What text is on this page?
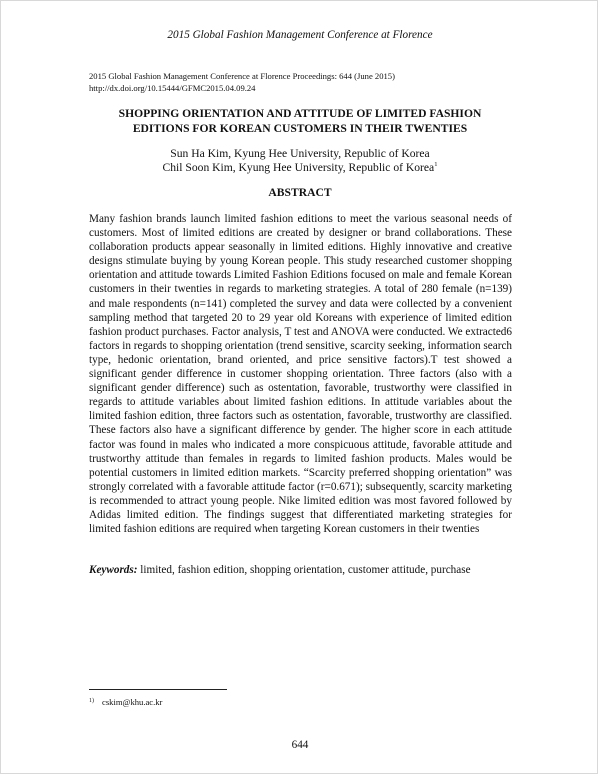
2015 Global Fashion Management Conference at Florence
2015 Global Fashion Management Conference at Florence Proceedings: 644 (June 2015)
http://dx.doi.org/10.15444/GFMC2015.04.09.24
SHOPPING ORIENTATION AND ATTITUDE OF LIMITED FASHION
EDITIONS FOR KOREAN CUSTOMERS IN THEIR TWENTIES
Sun Ha Kim, Kyung Hee University, Republic of Korea
Chil Soon Kim, Kyung Hee University, Republic of Korea$^1$
ABSTRACT
Many fashion brands launch limited fashion editions to meet the various seasonal needs of customers. Most of limited editions are created by designer or brand collaborations. These collaboration products appear seasonally in limited editions. Highly innovative and creative designs stimulate buying by young Korean people. This study researched customer shopping orientation and attitude towards Limited Fashion Editions focused on male and female Korean customers in their twenties in regards to marketing strategies. A total of 280 female (n=139) and male respondents (n=141) completed the survey and data were collected by a convenient sampling method that targeted 20 to 29 year old Koreans with experience of limited edition fashion product purchases. Factor analysis, T test and ANOVA were conducted. We extracted6 factors in regards to shopping orientation (trend sensitive, scarcity seeking, information search type, hedonic orientation, brand oriented, and price sensitive factors).T test showed a significant gender difference in customer shopping orientation. Three factors (also with a significant gender difference) such as ostentation, favorable, trustworthy were classified in regards to attitude variables about limited fashion editions. In attitude variables about the limited fashion edition, three factors such as ostentation, favorable, trustworthy are classified. These factors also have a significant difference by gender. The higher score in each attitude factor was found in males who indicated a more conspicuous attitude, favorable attitude and trustworthy attitude than females in regards to limited fashion products. Males would be potential customers in limited edition markets. “Scarcity preferred shopping orientation” was strongly correlated with a favorable attitude factor (r=0.671); subsequently, scarcity marketing is recommended to attract young people. Nike limited edition was most favored followed by Adidas limited edition. The findings suggest that differentiated marketing strategies for limited fashion editions are required when targeting Korean customers in their twenties
Keywords: limited, fashion edition, shopping orientation, customer attitude, purchase
$^{1)}$ cskim@khu.ac.kr
644
